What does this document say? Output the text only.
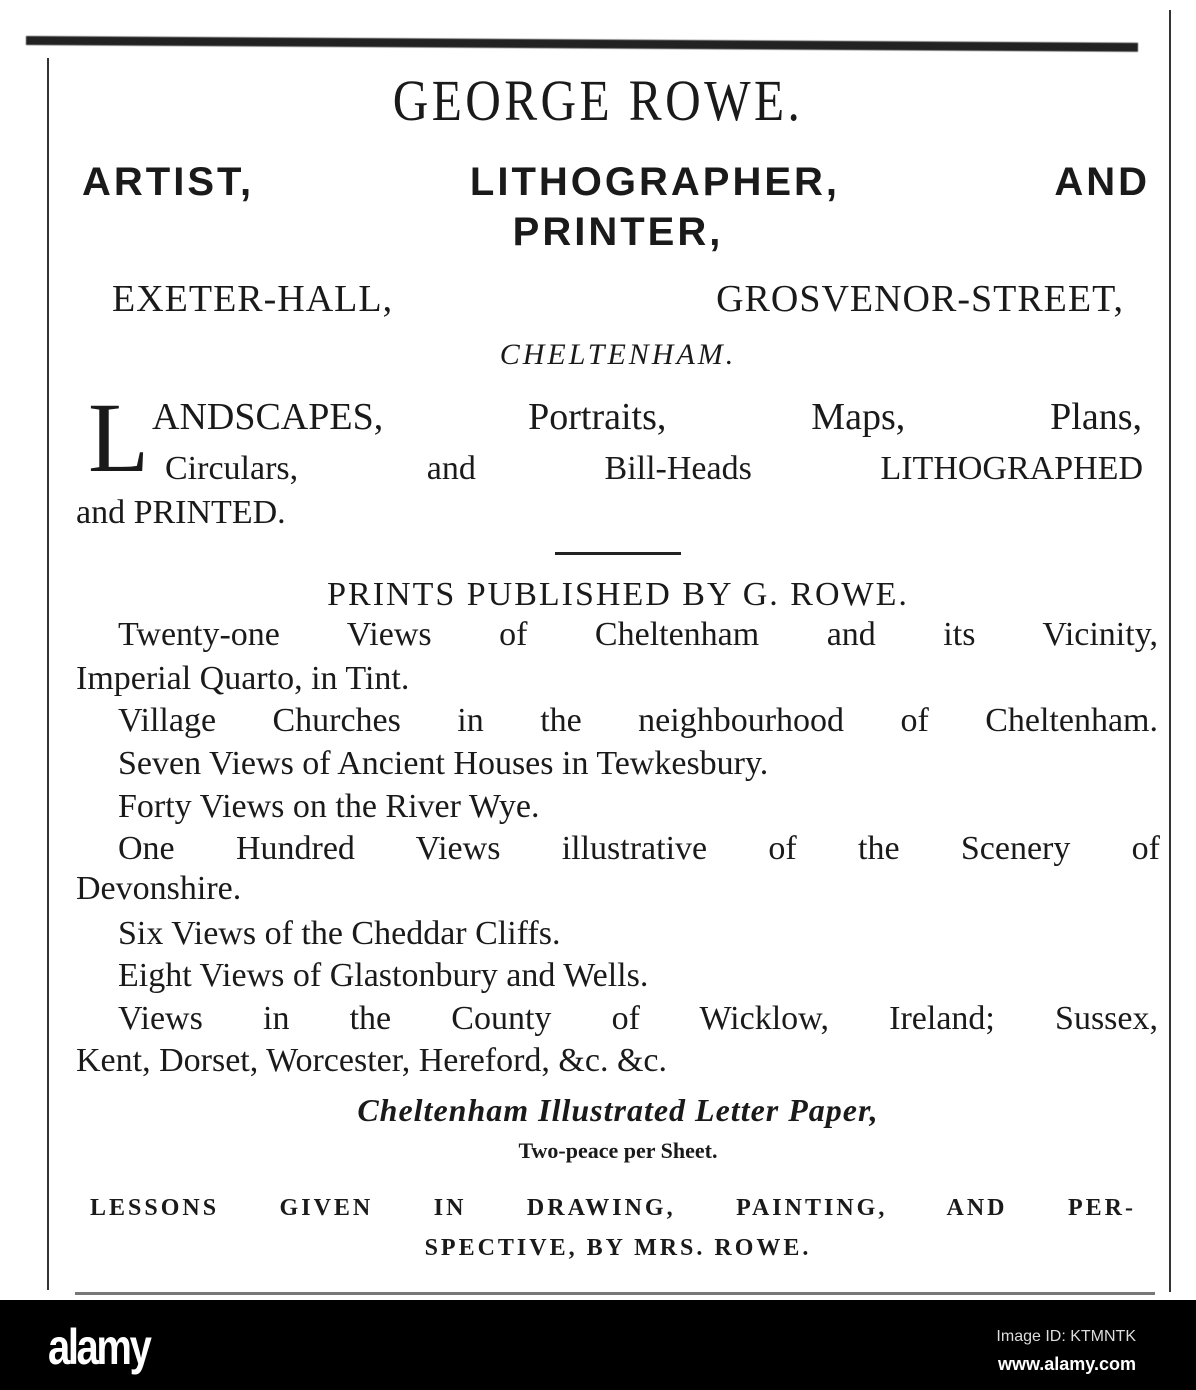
GEORGE ROWE.
ARTIST, LITHOGRAPHER, AND
PRINTER,
EXETER-HALL, GROSVENOR-STREET,
CHELTENHAM.
L ANDSCAPES, Portraits, Maps, Plans,
Circulars, and Bill-Heads LITHOGRAPHED
and PRINTED.
PRINTS PUBLISHED BY G. ROWE.
Twenty-one Views of Cheltenham and its Vicinity,
Imperial Quarto, in Tint.
Village Churches in the neighbourhood of Cheltenham.
Seven Views of Ancient Houses in Tewkesbury.
Forty Views on the River Wye.
One Hundred Views illustrative of the Scenery of
Devonshire.
Six Views of the Cheddar Cliffs.
Eight Views of Glastonbury and Wells.
Views in the County of Wicklow, Ireland; Sussex,
Kent, Dorset, Worcester, Hereford, &c. &c.
Cheltenham Illustrated Letter Paper,
Two-peace per Sheet.
LESSONS GIVEN IN DRAWING, PAINTING, AND PER-
SPECTIVE, BY MRS. ROWE.
alamy	Image ID: KTMNTK
www.alamy.com
